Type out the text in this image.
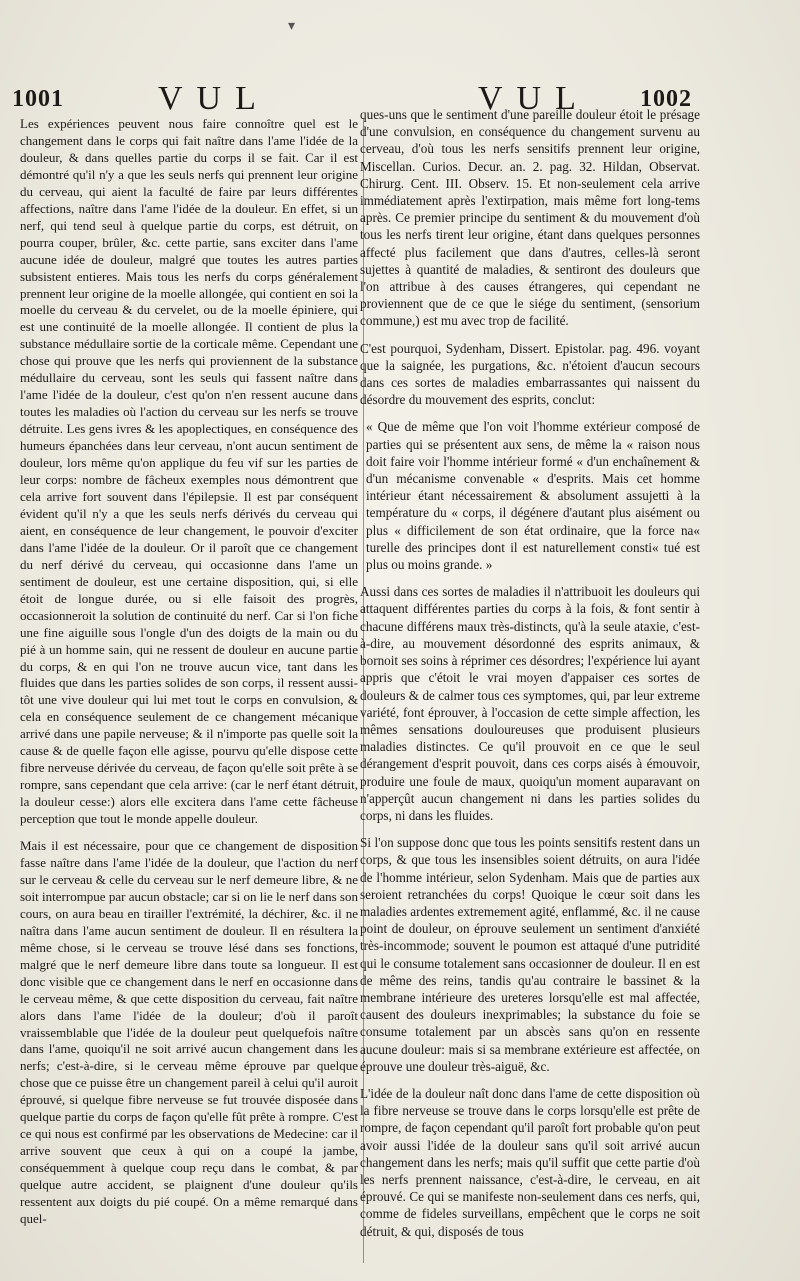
▾
1001	VUL	VUL 1002

Les expériences peuvent nous faire connoître quel est le changement dans le corps qui fait naître dans l'ame l'idée de la douleur, & dans quelles partie du corps il se fait. Car il est démontré qu'il n'y a que les seuls nerfs qui prennent leur origine du cerveau, qui aient la faculté de faire par leurs différentes affections, naître dans l'ame l'idée de la douleur. En effet, si un nerf, qui tend seul à quelque partie du corps, est détruit, on pourra couper, brûler, &c. cette partie, sans exciter dans l'ame aucune idée de douleur, malgré que toutes les autres parties subsistent entieres. Mais tous les nerfs du corps généralement prennent leur origine de la moelle allongée, qui contient en soi la moelle du cerveau & du cervelet, ou de la moelle épiniere, qui est une continuité de la moelle allongée. Il contient de plus la substance médullaire sortie de la corticale même. Cependant une chose qui prouve que les nerfs qui proviennent de la substance médullaire du cerveau, sont les seuls qui fassent naître dans l'ame l'idée de la douleur, c'est qu'on n'en ressent aucune dans toutes les maladies où l'action du cerveau sur les nerfs se trouve détruite. Les gens ivres & les apoplectiques, en conséquence des humeurs épanchées dans leur cerveau, n'ont aucun sentiment de douleur, lors même qu'on applique du feu vif sur les parties de leur corps: nombre de fâcheux exemples nous démontrent que cela arrive fort souvent dans l'épilepsie. Il est par conséquent évident qu'il n'y a que les seuls nerfs dérivés du cerveau qui aient, en conséquence de leur changement, le pouvoir d'exciter dans l'ame l'idée de la douleur. Or il paroît que ce changement du nerf dérivé du cerveau, qui occasionne dans l'ame un sentiment de douleur, est une certaine disposition, qui, si elle étoit de longue durée, ou si elle faisoit des progrès, occasionneroit la solution de continuité du nerf. Car si l'on fiche une fine aiguille sous l'ongle d'un des doigts de la main ou du pié à un homme sain, qui ne ressent de douleur en aucune partie du corps, & en qui l'on ne trouve aucun vice, tant dans les fluides que dans les parties solides de son corps, il ressent aussi-tôt une vive douleur qui lui met tout le corps en convulsion, & cela en conséquence seulement de ce changement mécanique arrivé dans une papile nerveuse; & il n'importe pas quelle soit la cause & de quelle façon elle agisse, pourvu qu'elle dispose cette fibre nerveuse dérivée du cerveau, de façon qu'elle soit prête à se rompre, sans cependant que cela arrive: (car le nerf étant détruit, la douleur cesse:) alors elle excitera dans l'ame cette fâcheuse perception que tout le monde appelle douleur.

Mais il est nécessaire, pour que ce changement de disposition fasse naître dans l'ame l'idée de la douleur, que l'action du nerf sur le cerveau & celle du cerveau sur le nerf demeure libre, & ne soit interrompue par aucun obstacle; car si on lie le nerf dans son cours, on aura beau en tirailler l'extrémité, la déchirer, &c. il ne naîtra dans l'ame aucun sentiment de douleur. Il en résultera la même chose, si le cerveau se trouve lésé dans ses fonctions, malgré que le nerf demeure libre dans toute sa longueur. Il est donc visible que ce changement dans le nerf en occasionne dans le cerveau même, & que cette disposition du cerveau, fait naître alors dans l'ame l'idée de la douleur; d'où il paroît vraissemblable que l'idée de la douleur peut quelquefois naître dans l'ame, quoiqu'il ne soit arrivé aucun changement dans les nerfs; c'est-à-dire, si le cerveau même éprouve par quelque chose que ce puisse être un changement pareil à celui qu'il auroit éprouvé, si quelque fibre nerveuse se fut trouvée disposée dans quelque partie du corps de façon qu'elle fût prête à rompre. C'est ce qui nous est confirmé par les observations de Medecine: car il arrive souvent que ceux à qui on a coupé la jambe, conséquemment à quelque coup reçu dans le combat, & par quelque autre accident, se plaignent d'une douleur qu'ils ressentent aux doigts du pié coupé. On a même remarqué dans quel-

ques-uns que le sentiment d'une pareille douleur étoit le présage d'une convulsion, en conséquence du changement survenu au cerveau, d'où tous les nerfs sensitifs prennent leur origine, Miscellan. Curios. Decur. an. 2. pag. 32. Hildan, Observat. Chirurg. Cent. III. Observ. 15. Et non-seulement cela arrive immédiatement après l'extirpation, mais même fort long-tems après. Ce premier principe du sentiment & du mouvement d'où tous les nerfs tirent leur origine, étant dans quelques personnes affecté plus facilement que dans d'autres, celles-là seront sujettes à quantité de maladies, & sentiront des douleurs que l'on attribue à des causes étrangeres, qui cependant ne proviennent que de ce que le siége du sentiment, (sensorium commune,) est mu avec trop de facilité.

C'est pourquoi, Sydenham, Dissert. Epistolar. pag. 496. voyant que la saignée, les purgations, &c. n'étoient d'aucun secours dans ces sortes de maladies embarrassantes qui naissent du désordre du mouvement des esprits, conclut:

« Que de même que l'on voit l'homme extérieur composé de parties qui se présentent aux sens, de même la « raison nous doit faire voir l'homme intérieur formé « d'un enchaînement & d'un mécanisme convenable « d'esprits. Mais cet homme intérieur étant nécessairement & absolument assujetti à la température du « corps, il dégénere d'autant plus aisément ou plus « difficilement de son état ordinaire, que la force na« turelle des principes dont il est naturellement consti« tué est plus ou moins grande. »

Aussi dans ces sortes de maladies il n'attribuoit les douleurs qui attaquent différentes parties du corps à la fois, & font sentir à chacune différens maux très-distincts, qu'à la seule ataxie, c'est-à-dire, au mouvement désordonné des esprits animaux, & bornoit ses soins à réprimer ces désordres; l'expérience lui ayant appris que c'étoit le vrai moyen d'appaiser ces sortes de douleurs & de calmer tous ces symptomes, qui, par leur extreme variété, font éprouver, à l'occasion de cette simple affection, les mêmes sensations douloureuses que produisent plusieurs maladies distinctes. Ce qu'il prouvoit en ce que le seul dérangement d'esprit pouvoit, dans ces corps aisés à émouvoir, produire une foule de maux, quoiqu'un moment auparavant on n'apperçût aucun changement ni dans les parties solides du corps, ni dans les fluides.

Si l'on suppose donc que tous les points sensitifs restent dans un corps, & que tous les insensibles soient détruits, on aura l'idée de l'homme intérieur, selon Sydenham. Mais que de parties aux seroient retranchées du corps! Quoique le cœur soit dans les maladies ardentes extremement agité, enflammé, &c. il ne cause point de douleur, on éprouve seulement un sentiment d'anxiété très-incommode; souvent le poumon est attaqué d'une putridité qui le consume totalement sans occasionner de douleur. Il en est de même des reins, tandis qu'au contraire le bassinet & la membrane intérieure des ureteres lorsqu'elle est mal affectée, causent des douleurs inexprimables; la substance du foie se consume totalement par un abscès sans qu'on en ressente aucune douleur: mais si sa membrane extérieure est affectée, on éprouve une douleur très-aiguë, &c.

L'idée de la douleur naît donc dans l'ame de cette disposition où la fibre nerveuse se trouve dans le corps lorsqu'elle est prête de rompre, de façon cependant qu'il paroît fort probable qu'on peut avoir aussi l'idée de la douleur sans qu'il soit arrivé aucun changement dans les nerfs; mais qu'il suffit que cette partie d'où les nerfs prennent naissance, c'est-à-dire, le cerveau, en ait éprouvé. Ce qui se manifeste non-seulement dans ces nerfs, qui, comme de fideles surveillans, empêchent que le corps ne soit détruit, & qui, disposés de tous
